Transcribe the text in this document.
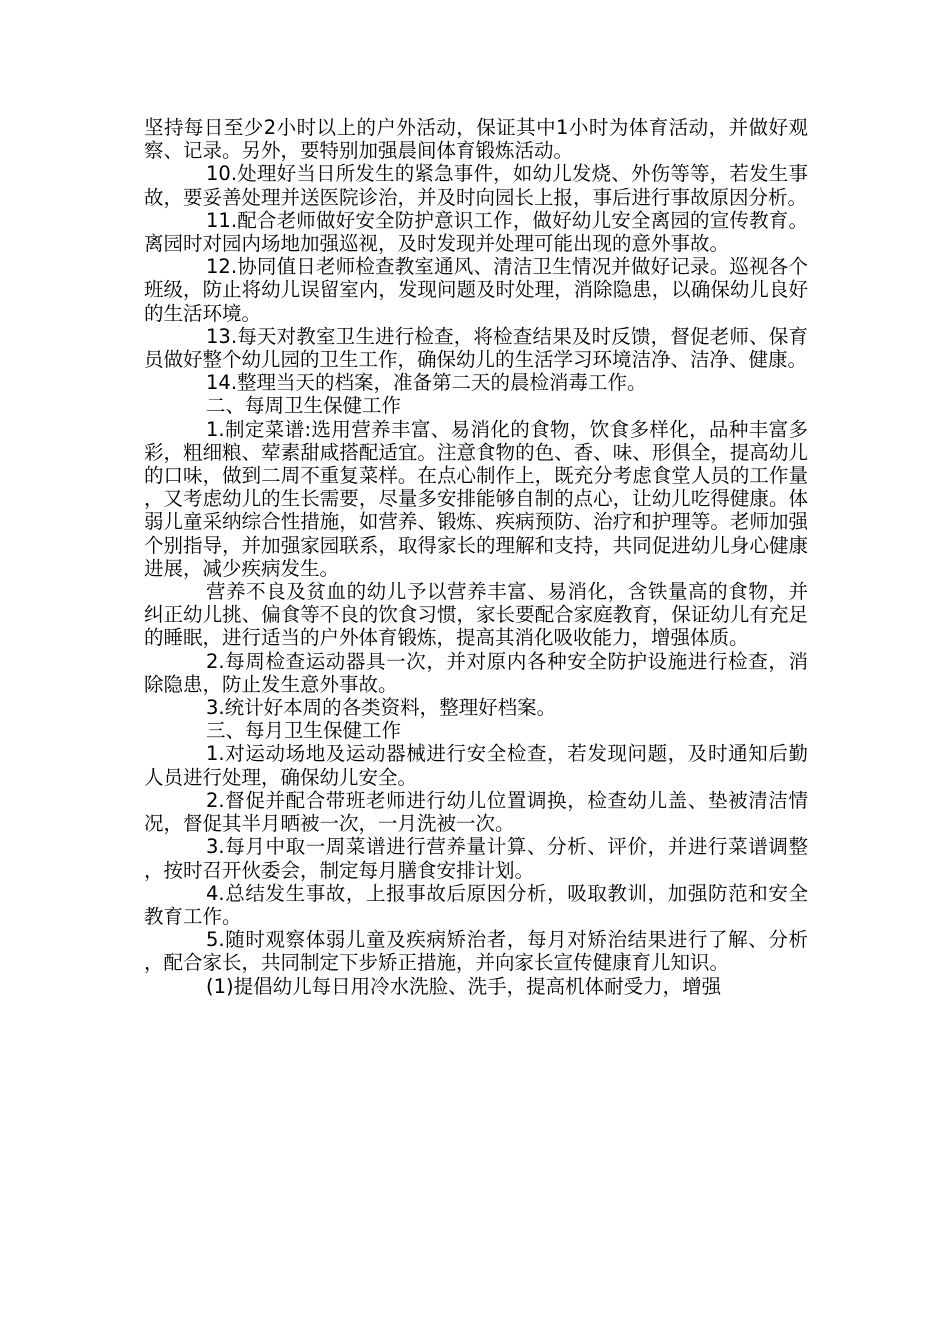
坚持每日至少2小时以上的户外活动，保证其中1小时为体育活动，并做好观察、记录。另外，要特别加强晨间体育锻炼活动。

10.处理好当日所发生的紧急事件，如幼儿发烧、外伤等等，若发生事故，要妥善处理并送医院诊治，并及时向园长上报，事后进行事故原因分析。

11.配合老师做好安全防护意识工作，做好幼儿安全离园的宣传教育。离园时对园内场地加强巡视，及时发现并处理可能出现的意外事故。

12.协同值日老师检查教室通风、清洁卫生情况并做好记录。巡视各个班级，防止将幼儿误留室内，发现问题及时处理，消除隐患，以确保幼儿良好的生活环境。

13.每天对教室卫生进行检查，将检查结果及时反馈，督促老师、保育员做好整个幼儿园的卫生工作，确保幼儿的生活学习环境洁净、洁净、健康。

14.整理当天的档案，准备第二天的晨检消毒工作。

二、每周卫生保健工作

1.制定菜谱:选用营养丰富、易消化的食物，饮食多样化，品种丰富多彩，粗细粮、荤素甜咸搭配适宜。注意食物的色、香、味、形俱全，提高幼儿的口味，做到二周不重复菜样。在点心制作上，既充分考虑食堂人员的工作量，又考虑幼儿的生长需要，尽量多安排能够自制的点心，让幼儿吃得健康。体弱儿童采纳综合性措施，如营养、锻炼、疾病预防、治疗和护理等。老师加强个别指导，并加强家园联系，取得家长的理解和支持，共同促进幼儿身心健康进展，减少疾病发生。

营养不良及贫血的幼儿予以营养丰富、易消化，含铁量高的食物，并纠正幼儿挑、偏食等不良的饮食习惯，家长要配合家庭教育，保证幼儿有充足的睡眠，进行适当的户外体育锻炼，提高其消化吸收能力，增强体质。

2.每周检查运动器具一次，并对原内各种安全防护设施进行检查，消除隐患，防止发生意外事故。

3.统计好本周的各类资料，整理好档案。

三、每月卫生保健工作

1.对运动场地及运动器械进行安全检查，若发现问题，及时通知后勤人员进行处理，确保幼儿安全。

2.督促并配合带班老师进行幼儿位置调换，检查幼儿盖、垫被清洁情况，督促其半月晒被一次，一月洗被一次。

3.每月中取一周菜谱进行营养量计算、分析、评价，并进行菜谱调整，按时召开伙委会，制定每月膳食安排计划。

4.总结发生事故，上报事故后原因分析，吸取教训，加强防范和安全教育工作。

5.随时观察体弱儿童及疾病矫治者，每月对矫治结果进行了解、分析，配合家长，共同制定下步矫正措施，并向家长宣传健康育儿知识。

(1)提倡幼儿每日用冷水洗脸、洗手，提高机体耐受力，增强
